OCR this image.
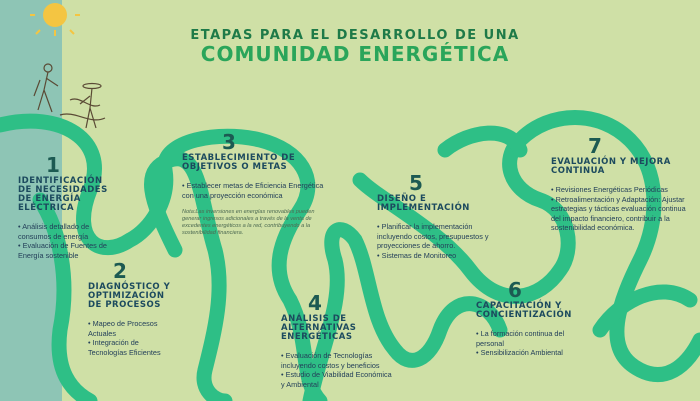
ETAPAS PARA EL DESARROLLO DE UNA
COMUNIDAD ENERGÉTICA
1
IDENTIFICACIÓN DE NECESIDADES DE ENERGÍA ELÉCTRICA
• Análisis detallado de consumos de energía
• Evaluación de Fuentes de Energía sostenible
2
DIAGNÓSTICO Y OPTIMIZACIÓN DE PROCESOS
• Mapeo de Procesos Actuales
• Integración de Tecnologías Eficientes
3
ESTABLECIMIENTO DE OBJETIVOS O METAS
• Establecer metas de Eficiencia Energética con una proyección económica
Nota:Las inversiones en energías renovables pueden generar ingresos adicionales a través de la venta de excedentes energéticos a la red, contribuyendo a la sostenibilidad financiera.
4
ANÁLISIS DE ALTERNATIVAS ENERGÉTICAS
• Evaluación de Tecnologías incluyendo costos y beneficios
• Estudio de Viabilidad Económica y Ambiental
5
DISEÑO E IMPLEMENTACIÓN
• Planificar la implementación incluyendo costos, presupuestos y proyecciones de ahorro.
• Sistemas de Monitoreo
6
CAPACITACIÓN Y CONCIENTIZACIÓN
• La formación continua del personal
• Sensibilización Ambiental
7
EVALUACIÓN Y MEJORA CONTINUA
• Revisiones Energéticas Periódicas
• Retroalimentación y Adaptación: Ajustar estrategias y tácticas evaluación continua del impacto financiero, contribuir a la sostenibilidad económica.
